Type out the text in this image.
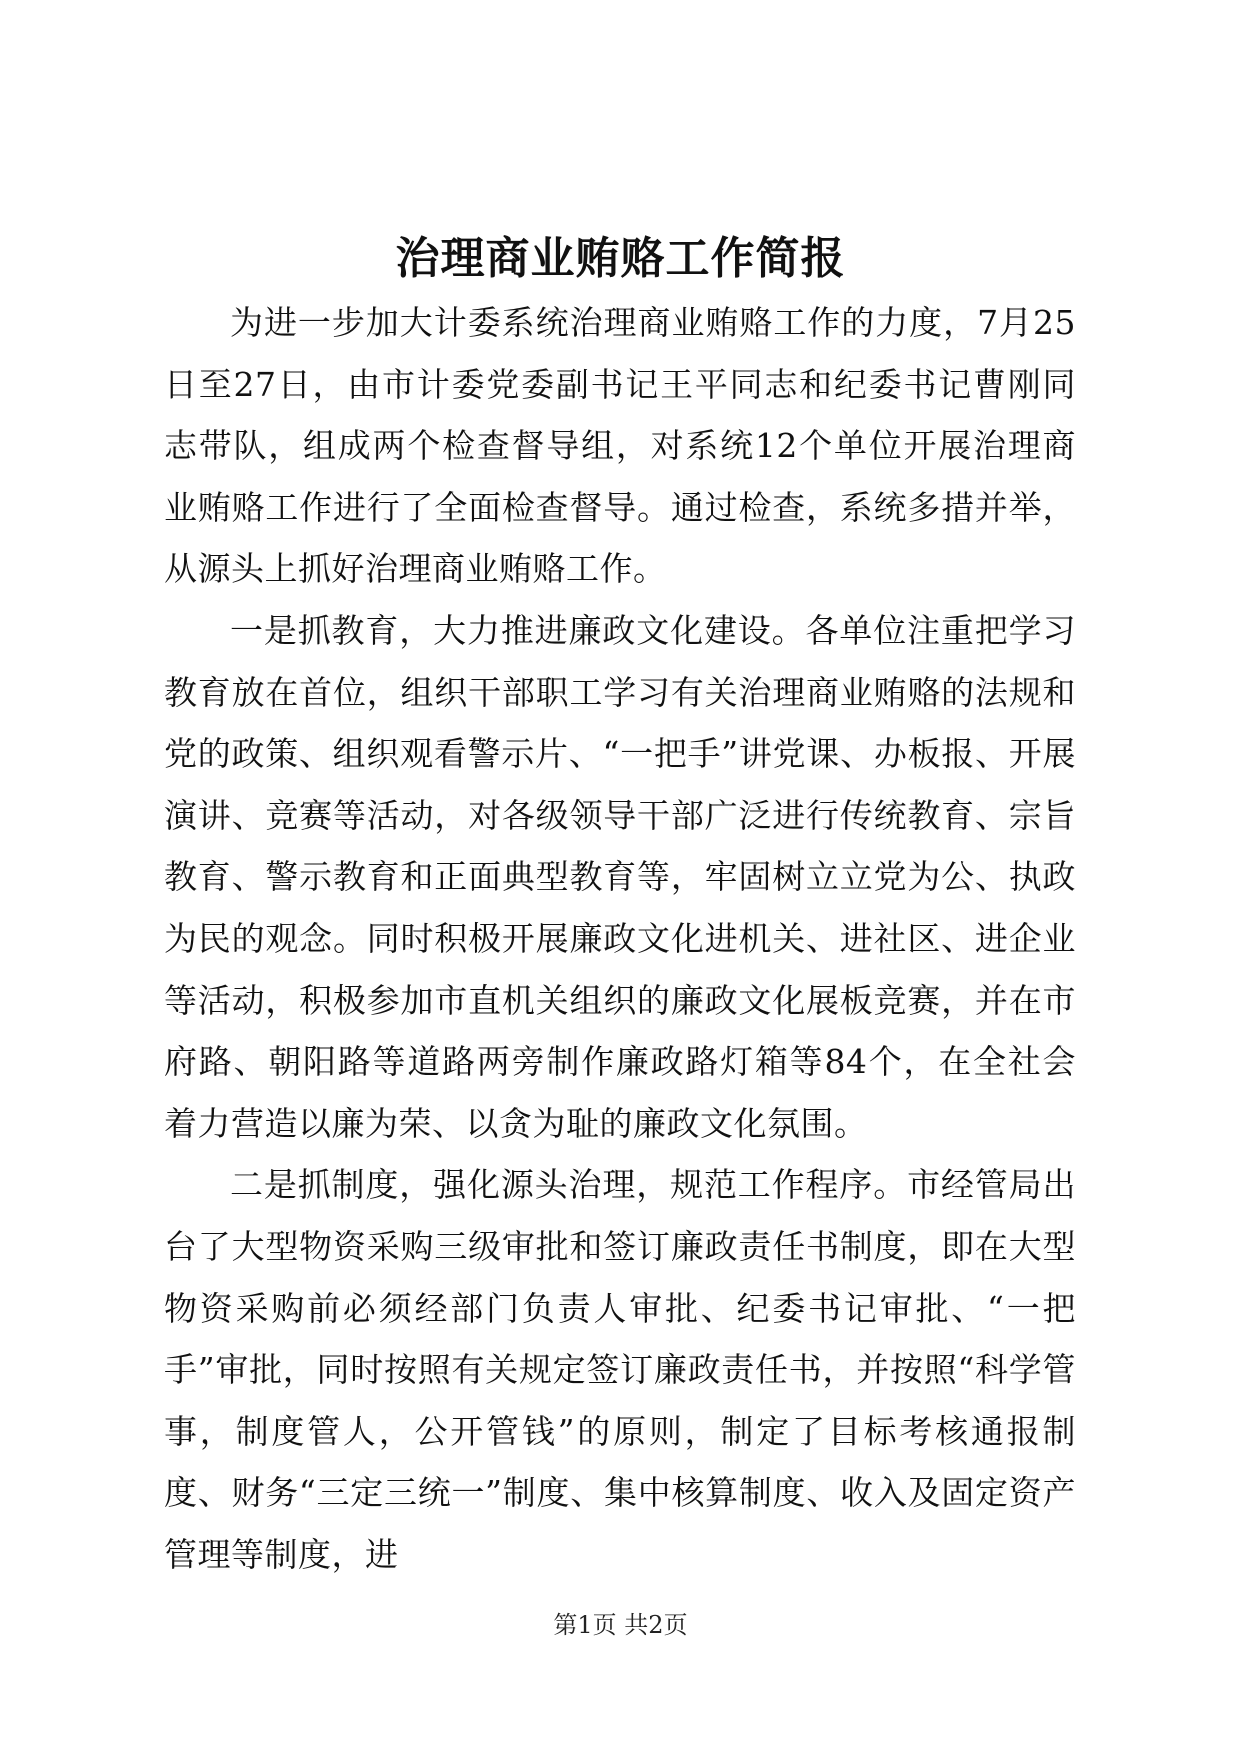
治理商业贿赂工作简报

为进一步加大计委系统治理商业贿赂工作的力度，7月25日至27日，由市计委党委副书记王平同志和纪委书记曹刚同志带队，组成两个检查督导组，对系统12个单位开展治理商业贿赂工作进行了全面检查督导。通过检查，系统多措并举，从源头上抓好治理商业贿赂工作。

一是抓教育，大力推进廉政文化建设。各单位注重把学习教育放在首位，组织干部职工学习有关治理商业贿赂的法规和党的政策、组织观看警示片、“一把手”讲党课、办板报、开展演讲、竞赛等活动，对各级领导干部广泛进行传统教育、宗旨教育、警示教育和正面典型教育等，牢固树立立党为公、执政为民的观念。同时积极开展廉政文化进机关、进社区、进企业等活动，积极参加市直机关组织的廉政文化展板竞赛，并在市府路、朝阳路等道路两旁制作廉政路灯箱等84个，在全社会着力营造以廉为荣、以贪为耻的廉政文化氛围。

二是抓制度，强化源头治理，规范工作程序。市经管局出台了大型物资采购三级审批和签订廉政责任书制度，即在大型物资采购前必须经部门负责人审批、纪委书记审批、“一把手”审批，同时按照有关规定签订廉政责任书，并按照“科学管事，制度管人，公开管钱”的原则，制定了目标考核通报制度、财务“三定三统一”制度、集中核算制度、收入及固定资产管理等制度，进

第1页 共2页
